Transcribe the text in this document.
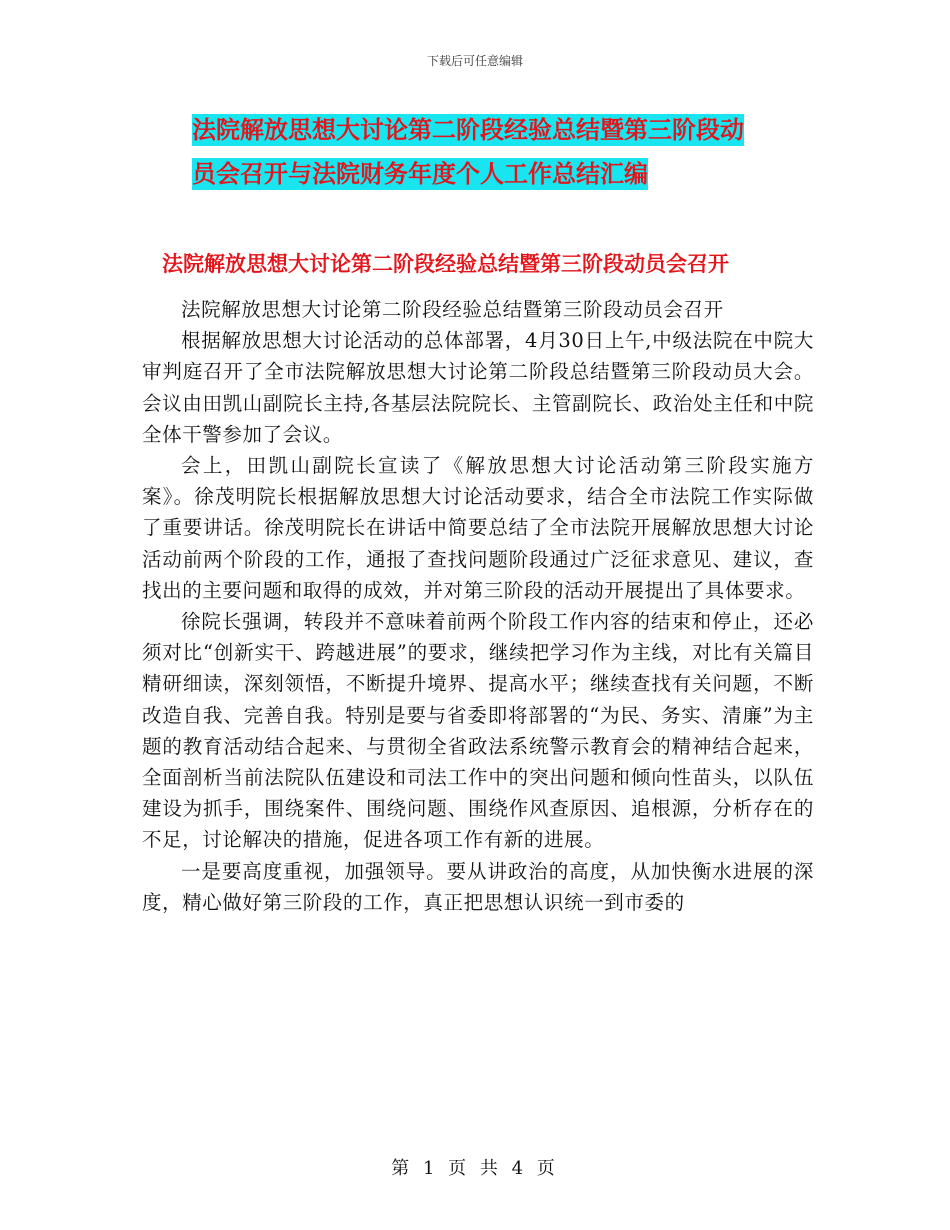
下载后可任意编辑
法院解放思想大讨论第二阶段经验总结暨第三阶段动
员会召开与法院财务年度个人工作总结汇编
法院解放思想大讨论第二阶段经验总结暨第三阶段动员会召开

法院解放思想大讨论第二阶段经验总结暨第三阶段动员会召开

根据解放思想大讨论活动的总体部署，4月30日上午,中级法院在中院大审判庭召开了全市法院解放思想大讨论第二阶段总结暨第三阶段动员大会。会议由田凯山副院长主持,各基层法院院长、主管副院长、政治处主任和中院全体干警参加了会议。

会上，田凯山副院长宣读了《解放思想大讨论活动第三阶段实施方案》。徐茂明院长根据解放思想大讨论活动要求，结合全市法院工作实际做了重要讲话。徐茂明院长在讲话中简要总结了全市法院开展解放思想大讨论活动前两个阶段的工作，通报了查找问题阶段通过广泛征求意见、建议，查找出的主要问题和取得的成效，并对第三阶段的活动开展提出了具体要求。

徐院长强调，转段并不意味着前两个阶段工作内容的结束和停止，还必须对比“创新实干、跨越进展”的要求，继续把学习作为主线，对比有关篇目精研细读，深刻领悟，不断提升境界、提高水平；继续查找有关问题，不断改造自我、完善自我。特别是要与省委即将部署的“为民、务实、清廉”为主题的教育活动结合起来、与贯彻全省政法系统警示教育会的精神结合起来，全面剖析当前法院队伍建设和司法工作中的突出问题和倾向性苗头，以队伍建设为抓手，围绕案件、围绕问题、围绕作风查原因、追根源，分析存在的不足，讨论解决的措施，促进各项工作有新的进展。

一是要高度重视，加强领导。要从讲政治的高度，从加快衡水进展的深度，精心做好第三阶段的工作，真正把思想认识统一到市委的

第 1 页 共 4 页
